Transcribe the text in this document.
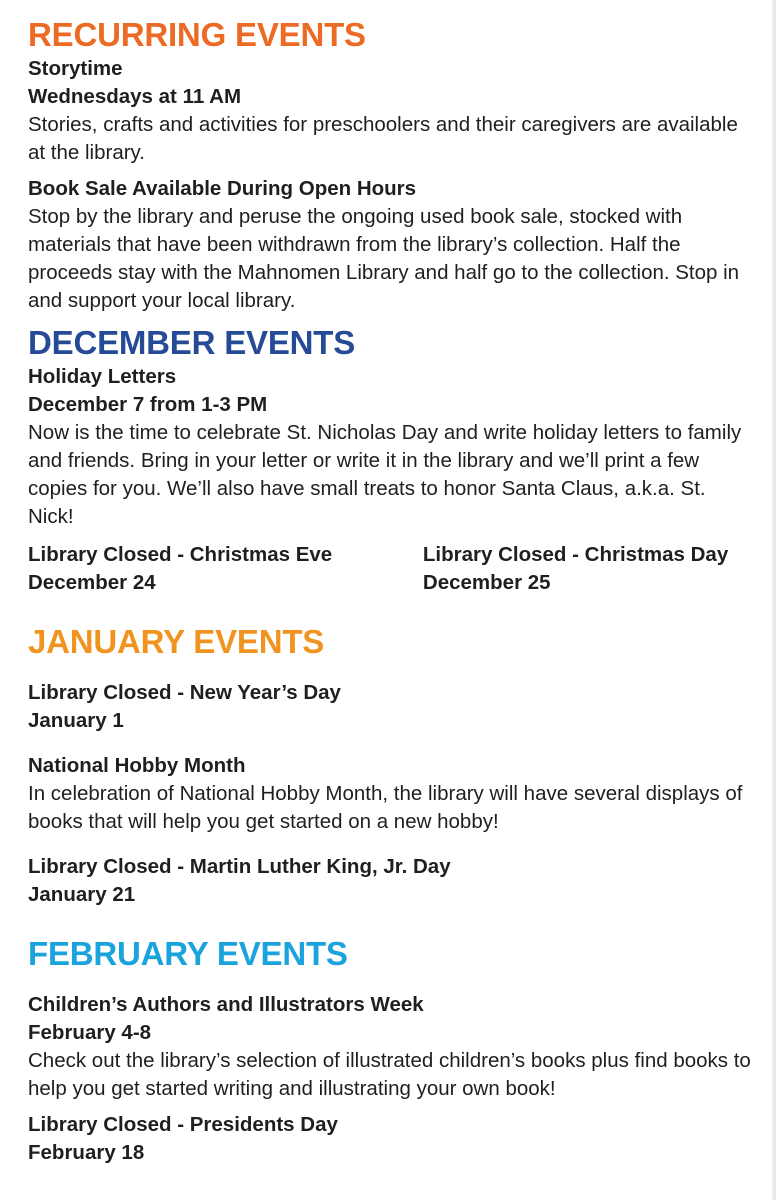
RECURRING EVENTS
Storytime
Wednesdays at 11 AM
Stories, crafts and activities for preschoolers and their caregivers are available at the library.
Book Sale Available During Open Hours
Stop by the library and peruse the ongoing used book sale, stocked with materials that have been withdrawn from the library’s collection. Half the proceeds stay with the Mahnomen Library and half go to the collection. Stop in and support your local library.
DECEMBER EVENTS
Holiday Letters
December 7 from 1-3 PM
Now is the time to celebrate St. Nicholas Day and write holiday letters to family and friends. Bring in your letter or write it in the library and we’ll print a few copies for you. We’ll also have small treats to honor Santa Claus, a.k.a. St. Nick!
Library Closed - Christmas Eve
December 24
Library Closed - Christmas Day
December 25
JANUARY EVENTS
Library Closed - New Year’s Day
January 1
National Hobby Month
In celebration of National Hobby Month, the library will have several displays of books that will help you get started on a new hobby!
Library Closed - Martin Luther King, Jr. Day
January 21
FEBRUARY EVENTS
Children’s Authors and Illustrators Week
February 4-8
Check out the library’s selection of illustrated children’s books plus find books to help you get started writing and illustrating your own book!
Library Closed - Presidents Day
February 18
